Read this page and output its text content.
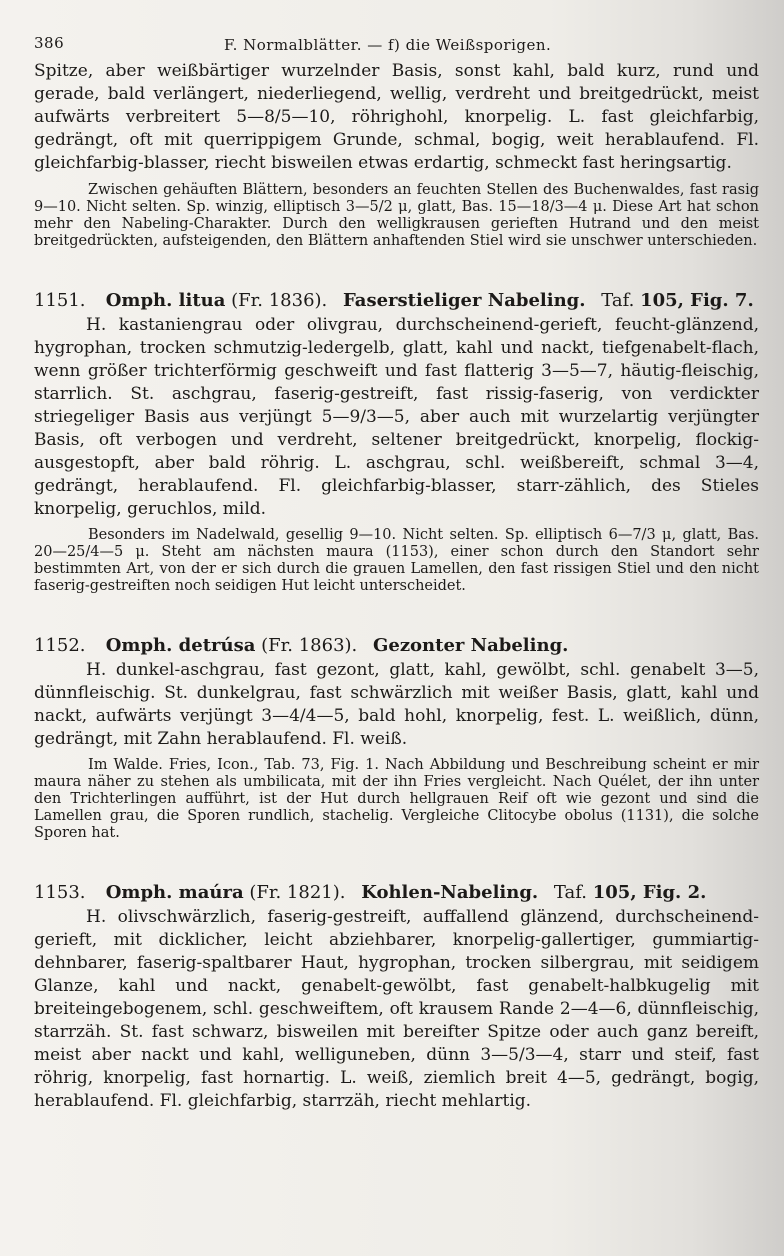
386	F. Normalblätter. — f) die Weißsporigen.

Spitze, aber weißbärtiger wurzelnder Basis, sonst kahl, bald kurz, rund und gerade, bald verlängert, niederliegend, wellig, verdreht und breitgedrückt, meist aufwärts verbreitert 5—8/5—10, röhrighohl, knorpelig. L. fast gleichfarbig, gedrängt, oft mit querrippigem Grunde, schmal, bogig, weit herablaufend. Fl. gleichfarbig-blasser, riecht bisweilen etwas erdartig, schmeckt fast heringsartig.

Zwischen gehäuften Blättern, besonders an feuchten Stellen des Buchenwaldes, fast rasig 9—10. Nicht selten. Sp. winzig, elliptisch 3—5/2 μ, glatt, Bas. 15—18/3—4 μ. Diese Art hat schon mehr den Nabeling-Charakter. Durch den welligkrausen gerieften Hutrand und den meist breitgedrückten, aufsteigenden, den Blättern anhaftenden Stiel wird sie unschwer unterschieden.

1151. Omph. litua (Fr. 1836). Faserstieliger Nabeling. Taf. 105, Fig. 7.

H. kastaniengrau oder olivgrau, durchscheinend-gerieft, feucht-glänzend, hygrophan, trocken schmutzig-ledergelb, glatt, kahl und nackt, tiefgenabelt-flach, wenn größer trichterförmig geschweift und fast flatterig 3—5—7, häutig-fleischig, starrlich. St. aschgrau, faserig-gestreift, fast rissig-faserig, von verdickter striegeliger Basis aus verjüngt 5—9/3—5, aber auch mit wurzelartig verjüngter Basis, oft verbogen und verdreht, seltener breitgedrückt, knorpelig, flockig-ausgestopft, aber bald röhrig. L. aschgrau, schl. weißbereift, schmal 3—4, gedrängt, herablaufend. Fl. gleichfarbig-blasser, starr-zählich, des Stieles knorpelig, geruchlos, mild.

Besonders im Nadelwald, gesellig 9—10. Nicht selten. Sp. elliptisch 6—7/3 μ, glatt, Bas. 20—25/4—5 μ. Steht am nächsten maura (1153), einer schon durch den Standort sehr bestimmten Art, von der er sich durch die grauen Lamellen, den fast rissigen Stiel und den nicht faserig-gestreiften noch seidigen Hut leicht unterscheidet.

1152. Omph. detrúsa (Fr. 1863). Gezonter Nabeling.

H. dunkel-aschgrau, fast gezont, glatt, kahl, gewölbt, schl. genabelt 3—5, dünnfleischig. St. dunkelgrau, fast schwärzlich mit weißer Basis, glatt, kahl und nackt, aufwärts verjüngt 3—4/4—5, bald hohl, knorpelig, fest. L. weißlich, dünn, gedrängt, mit Zahn herablaufend. Fl. weiß.

Im Walde. Fries, Icon., Tab. 73, Fig. 1. Nach Abbildung und Beschreibung scheint er mir maura näher zu stehen als umbilicata, mit der ihn Fries vergleicht. Nach Quélet, der ihn unter den Trichterlingen aufführt, ist der Hut durch hellgrauen Reif oft wie gezont und sind die Lamellen grau, die Sporen rundlich, stachelig. Vergleiche Clitocybe obolus (1131), die solche Sporen hat.

1153. Omph. maúra (Fr. 1821). Kohlen-Nabeling. Taf. 105, Fig. 2.

H. olivschwärzlich, faserig-gestreift, auffallend glänzend, durchscheinend-gerieft, mit dicklicher, leicht abziehbarer, knorpelig-gallertiger, gummiartig-dehnbarer, faserig-spaltbarer Haut, hygrophan, trocken silbergrau, mit seidigem Glanze, kahl und nackt, genabelt-gewölbt, fast genabelt-halbkugelig mit breiteingebogenem, schl. geschweiftem, oft krausem Rande 2—4—6, dünnfleischig, starrzäh. St. fast schwarz, bisweilen mit bereifter Spitze oder auch ganz bereift, meist aber nackt und kahl, welliguneben, dünn 3—5/3—4, starr und steif, fast röhrig, knorpelig, fast hornartig. L. weiß, ziemlich breit 4—5, gedrängt, bogig, herablaufend. Fl. gleichfarbig, starrzäh, riecht mehlartig.
